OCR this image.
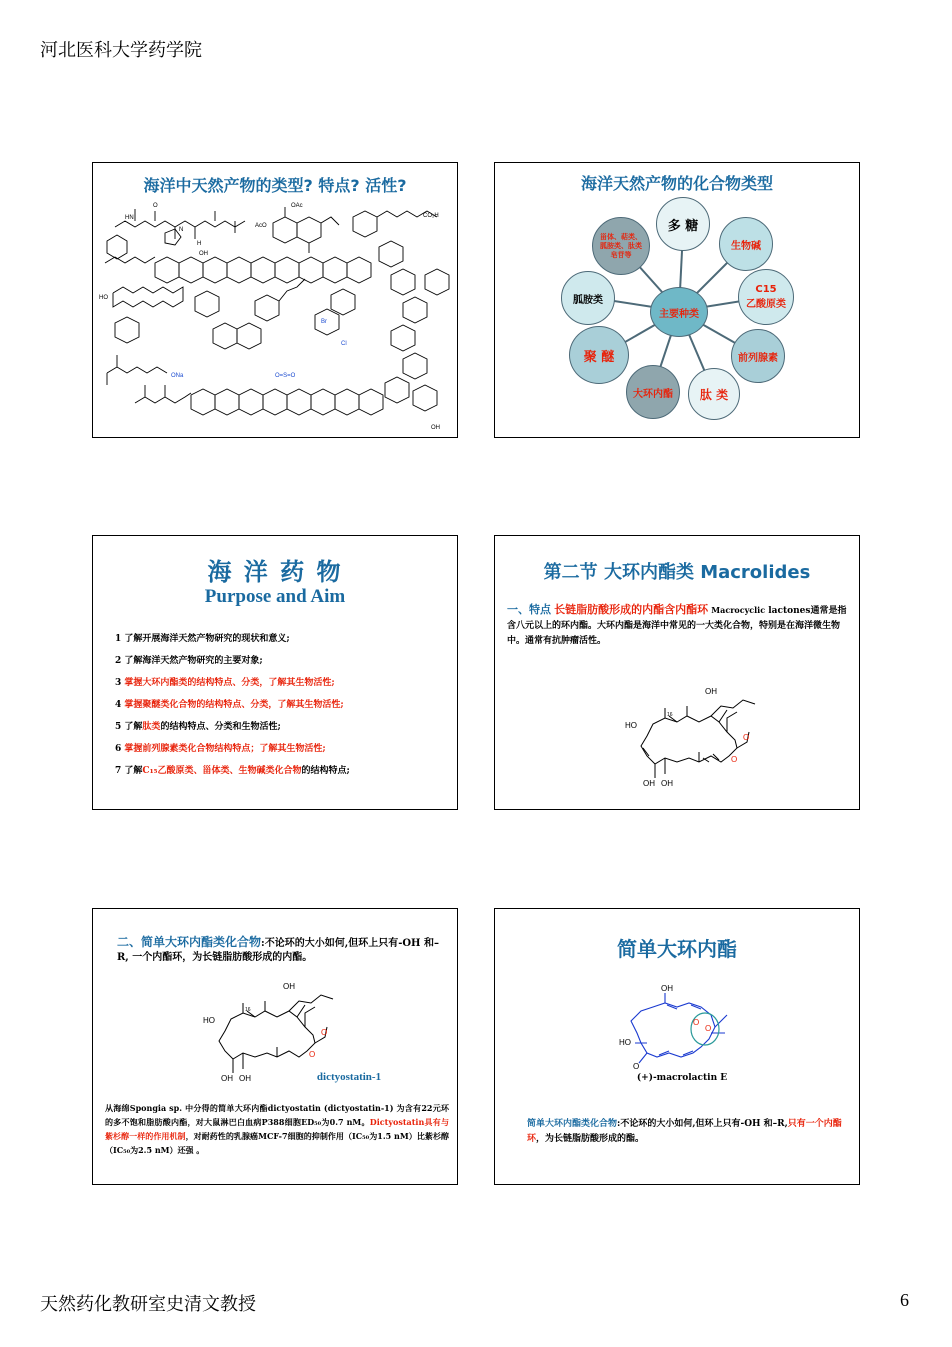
河北医科大学药学院
海洋中天然产物的类型? 特点? 活性?
HN
O
N
H
OAc
AcO
OH
HO
CO₂H
ONa
Br
Cl
O=S=O
OH
海洋天然产物的化合物类型
主要种类
多 糖
生物碱
C15
乙酸原类
前列腺素
肽 类
大环内酯
聚 醚
胍胺类
甾体、萜类、
胍胺类、肽类
皂苷等
海 洋 药 物
Purpose and Aim
1 了解开展海洋天然产物研究的现状和意义;
2 了解海洋天然产物研究的主要对象;
3 掌握大环内酯类的结构特点、分类，了解其生物活性;
4 掌握聚醚类化合物的结构特点、分类，了解其生物活性;
5 了解肽类的结构特点、分类和生物活性;
6 掌握前列腺素类化合物结构特点；了解其生物活性;
7 了解C₁₅乙酸原类、甾体类、生物碱类化合物的结构特点;
第二节 大环内酯类 Macrolides
一、特点 长链脂肪酸形成的内酯含内酯环 Macrocyclic lactones通常是指含八元以上的环内酯。大环内酯是海洋中常见的一大类化合物，特别是在海洋微生物中。通常有抗肿瘤活性。
OH
HO
16
OH OH
O
O
二、简单大环内酯类化合物:不论环的大小如何,但环上只有-OH 和–R, 一个内酯环，为长链脂肪酸形成的内酯。
OH
HO
16
OH OH
O
O
dictyostatin-1
从海绵Spongia sp. 中分得的简单大环内酯dictyostatin (dictyostatin-1) 为含有22元环的多不饱和脂肪酸内酯，对大鼠淋巴白血病P388细胞ED₅₀为0.7 nM。Dictyostatin具有与紫杉醇一样的作用机制，对耐药性的乳腺癌MCF-7细胞的抑制作用（IC₅₀为1.5 nM）比紫杉醇（IC₅₀为2.5 nM）还强 。
简单大环内酯
OH
HO
O
O
O
(+)-macrolactin E
简单大环内酯类化合物:不论环的大小如何,但环上只有-OH 和–R,只有一个内酯环，为长链脂肪酸形成的酯。
天然药化教研室史清文教授	6
